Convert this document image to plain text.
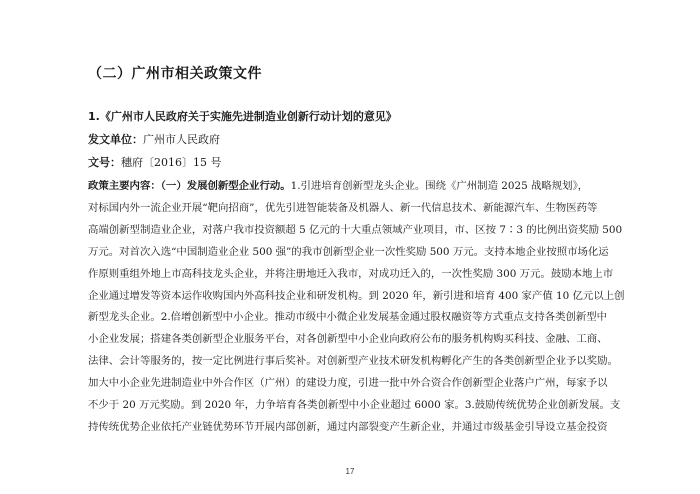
（二）广州市相关政策文件
1.《广州市人民政府关于实施先进制造业创新行动计划的意见》
发文单位：广州市人民政府
文号：穗府〔2016〕15 号
政策主要内容：（一）发展创新型企业行动。1.引进培育创新型龙头企业。围绕《广州制造 2025 战略规划》，
对标国内外一流企业开展“靶向招商”，优先引进智能装备及机器人、新一代信息技术、新能源汽车、生物医药等
高端创新型制造业企业，对落户我市投资额超 5 亿元的十大重点领域产业项目，市、区按 7∶3 的比例出资奖励 500
万元。对首次入选“中国制造业企业 500 强”的我市创新型企业一次性奖励 500 万元。支持本地企业按照市场化运
作原则重组外地上市高科技龙头企业，并将注册地迁入我市，对成功迁入的，一次性奖励 300 万元。鼓励本地上市
企业通过增发等资本运作收购国内外高科技企业和研发机构。到 2020 年，新引进和培育 400 家产值 10 亿元以上创
新型龙头企业。2.倍增创新型中小企业。推动市级中小微企业发展基金通过股权融资等方式重点支持各类创新型中
小企业发展；搭建各类创新型企业服务平台，对各创新型中小企业向政府公布的服务机构购买科技、金融、工商、
法律、会计等服务的，按一定比例进行事后奖补。对创新型产业技术研发机构孵化产生的各类创新型企业予以奖励。
加大中小企业先进制造业中外合作区（广州）的建设力度，引进一批中外合资合作创新型企业落户广州，每家予以
不少于 20 万元奖励。到 2020 年，力争培育各类创新型中小企业超过 6000 家。3.鼓励传统优势企业创新发展。支
持传统优势企业依托产业链优势环节开展内部创新，通过内部裂变产生新企业，并通过市级基金引导设立基金投资
17
